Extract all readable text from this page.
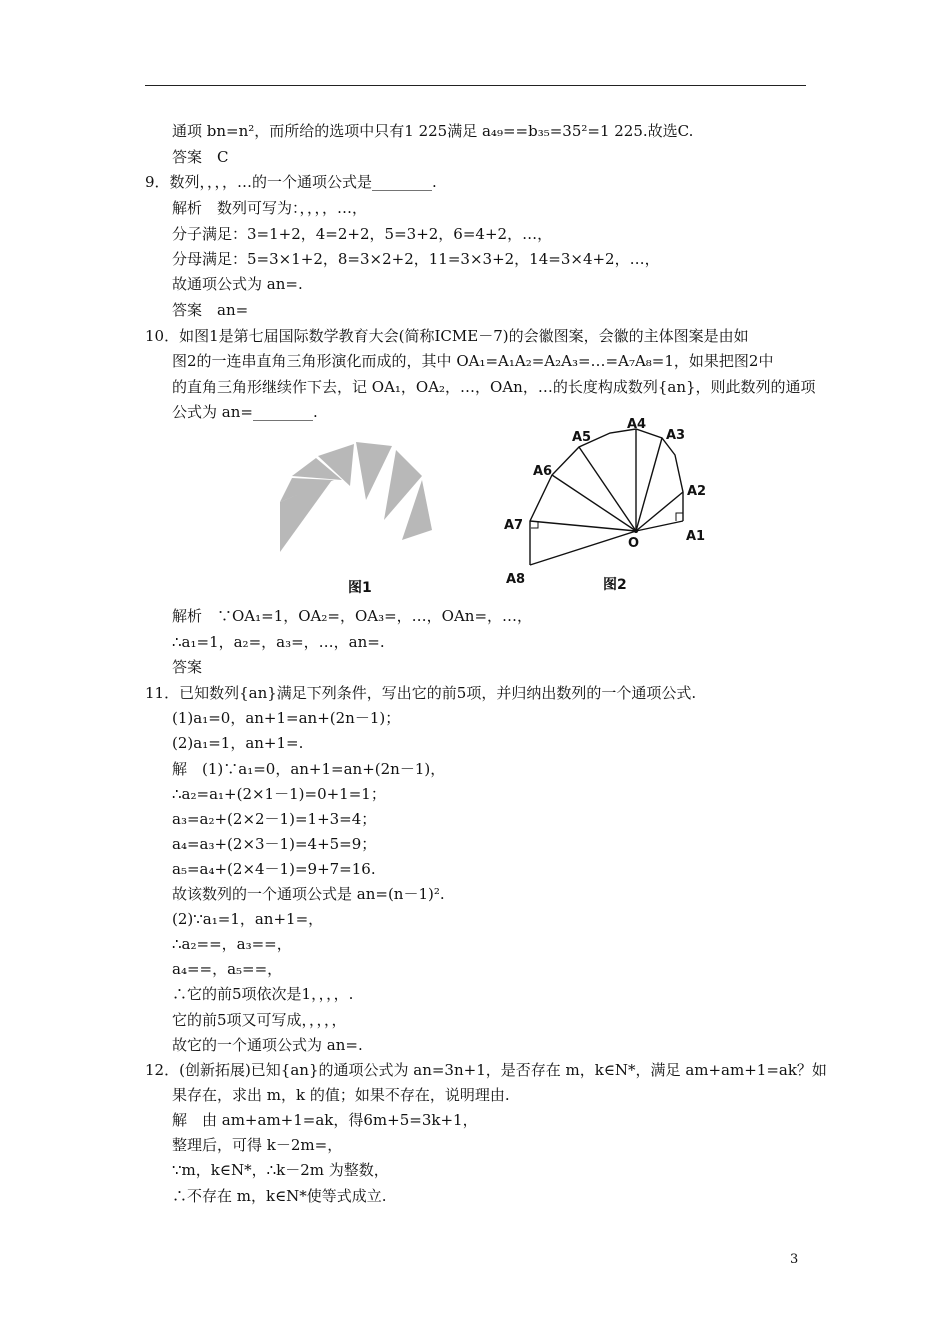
通项 bn=n²，而所给的选项中只有1 225满足 a₄₉==b₃₅=35²=1 225.故选C.
答案　C
9．数列，，，，…的一个通项公式是________.
解析　数列可写为：，，，，…，
分子满足：3=1+2，4=2+2，5=3+2，6=4+2，…，
分母满足：5=3×1+2，8=3×2+2，11=3×3+2，14=3×4+2，…，
故通项公式为 an=.
答案　an=
10．如图1是第七届国际数学教育大会(简称ICME－7)的会徽图案，会徽的主体图案是由如
图2的一连串直角三角形演化而成的，其中 OA₁=A₁A₂=A₂A₃=…=A₇A₈=1，如果把图2中
的直角三角形继续作下去，记 OA₁，OA₂，…，OAn，…的长度构成数列{an}，则此数列的通项
公式为 an=________.
图1
A1
A2
A3
A4
A5
A6
A7
A8
O
图2
解析　∵OA₁=1，OA₂=，OA₃=，…，OAn=，…，
∴a₁=1，a₂=，a₃=，…，an=.
答案
11．已知数列{an}满足下列条件，写出它的前5项，并归纳出数列的一个通项公式.
(1)a₁=0，an+1=an+(2n－1)；
(2)a₁=1，an+1=.
解　(1)∵a₁=0，an+1=an+(2n－1)，
∴a₂=a₁+(2×1－1)=0+1=1；
a₃=a₂+(2×2－1)=1+3=4；
a₄=a₃+(2×3－1)=4+5=9；
a₅=a₄+(2×4－1)=9+7=16.
故该数列的一个通项公式是 an=(n－1)².
(2)∵a₁=1，an+1=，
∴a₂==，a₃==，
a₄==，a₅==，
∴它的前5项依次是1，，，，.
它的前5项又可写成，，，，，
故它的一个通项公式为 an=.
12．(创新拓展)已知{an}的通项公式为 an=3n+1，是否存在 m，k∈N*，满足 am+am+1=ak？如
果存在，求出 m，k 的值；如果不存在，说明理由.
解　由 am+am+1=ak，得6m+5=3k+1，
整理后，可得 k－2m=，
∵m，k∈N*，∴k－2m 为整数，
∴不存在 m，k∈N*使等式成立.
3
